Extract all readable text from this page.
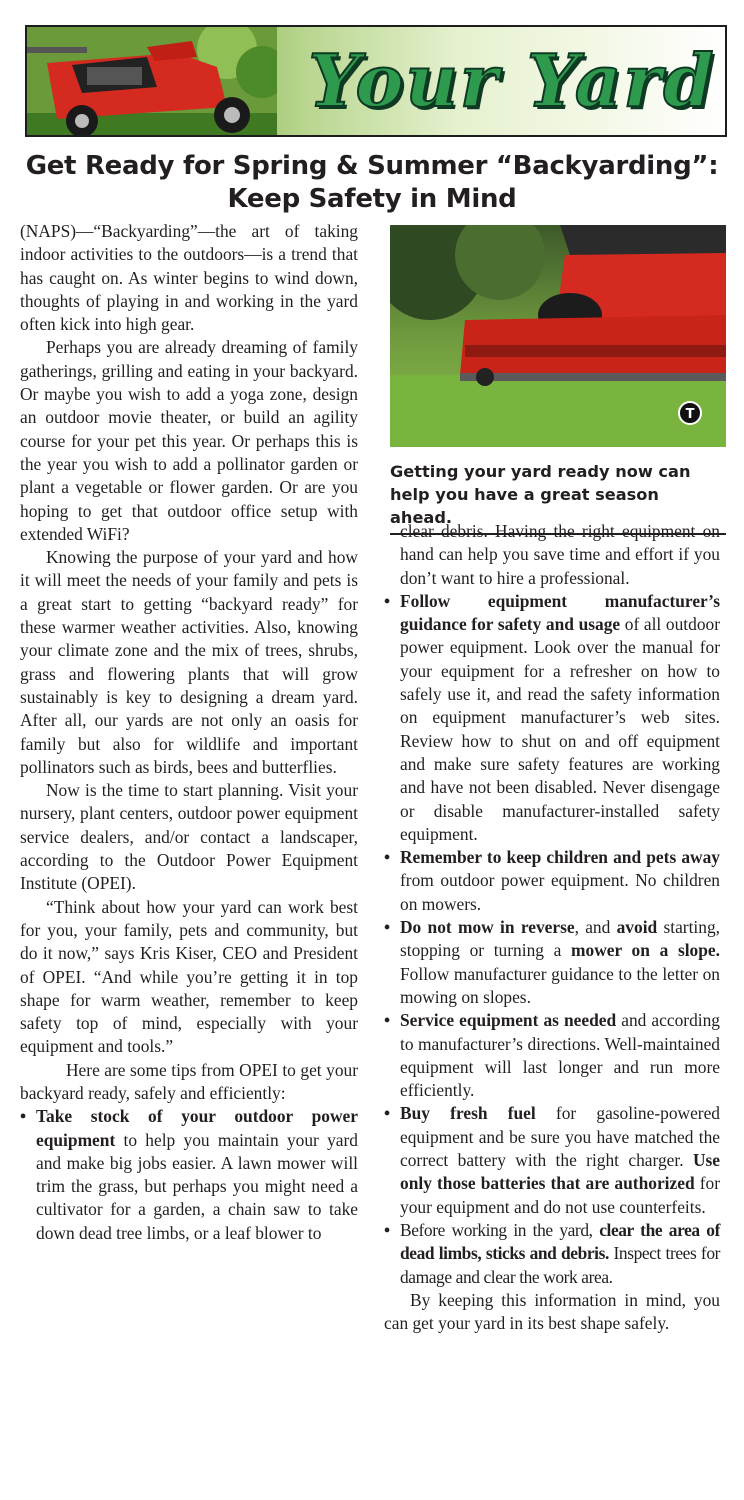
Your Yard
Get Ready for Spring & Summer “Backyarding”:
Keep Safety in Mind

(NAPS)—“Backyarding”—the art of taking indoor activities to the outdoors—is a trend that has caught on. As winter begins to wind down, thoughts of playing in and working in the yard often kick into high gear.

Perhaps you are already dreaming of family gatherings, grilling and eating in your backyard. Or maybe you wish to add a yoga zone, design an outdoor movie theater, or build an agility course for your pet this year. Or perhaps this is the year you wish to add a pollinator garden or plant a vegetable or flower garden. Or are you hoping to get that outdoor office setup with extended WiFi?

Knowing the purpose of your yard and how it will meet the needs of your family and pets is a great start to getting “backyard ready” for these warmer weather activities. Also, knowing your climate zone and the mix of trees, shrubs, grass and flowering plants that will grow sustainably is key to designing a dream yard. After all, our yards are not only an oasis for family but also for wildlife and important pollinators such as birds, bees and butterflies.

Now is the time to start planning. Visit your nursery, plant centers, outdoor power equipment service dealers, and/or contact a landscaper, according to the Outdoor Power Equipment Institute (OPEI).

“Think about how your yard can work best for you, your family, pets and community, but do it now,” says Kris Kiser, CEO and President of OPEI. “And while you’re getting it in top shape for warm weather, remember to keep safety top of mind, especially with your equipment and tools.”

Here are some tips from OPEI to get your backyard ready, safely and efficiently:

• Take stock of your outdoor power equipment to help you maintain your yard and make big jobs easier. A lawn mower will trim the grass, but perhaps you might need a cultivator for a garden, a chain saw to take down dead tree limbs, or a leaf blower to
T
Getting your yard ready now can help you have a great season ahead.

clear debris. Having the right equipment on hand can help you save time and effort if you don’t want to hire a professional.

• Follow equipment manufacturer’s guidance for safety and usage of all outdoor power equipment. Look over the manual for your equipment for a refresher on how to safely use it, and read the safety information on equipment manufacturer’s web sites. Review how to shut on and off equipment and make sure safety features are working and have not been disabled. Never disengage or disable manufacturer-installed safety equipment.
• Remember to keep children and pets away from outdoor power equipment. No children on mowers.
• Do not mow in reverse, and avoid starting, stopping or turning a mower on a slope. Follow manufacturer guidance to the letter on mowing on slopes.
• Service equipment as needed and according to manufacturer’s directions. Well-maintained equipment will last longer and run more efficiently.
• Buy fresh fuel for gasoline-powered equipment and be sure you have matched the correct battery with the right charger. Use only those batteries that are authorized for your equipment and do not use counterfeits.
• Before working in the yard, clear the area of dead limbs, sticks and debris. Inspect trees for damage and clear the work area.

By keeping this information in mind, you can get your yard in its best shape safely.
